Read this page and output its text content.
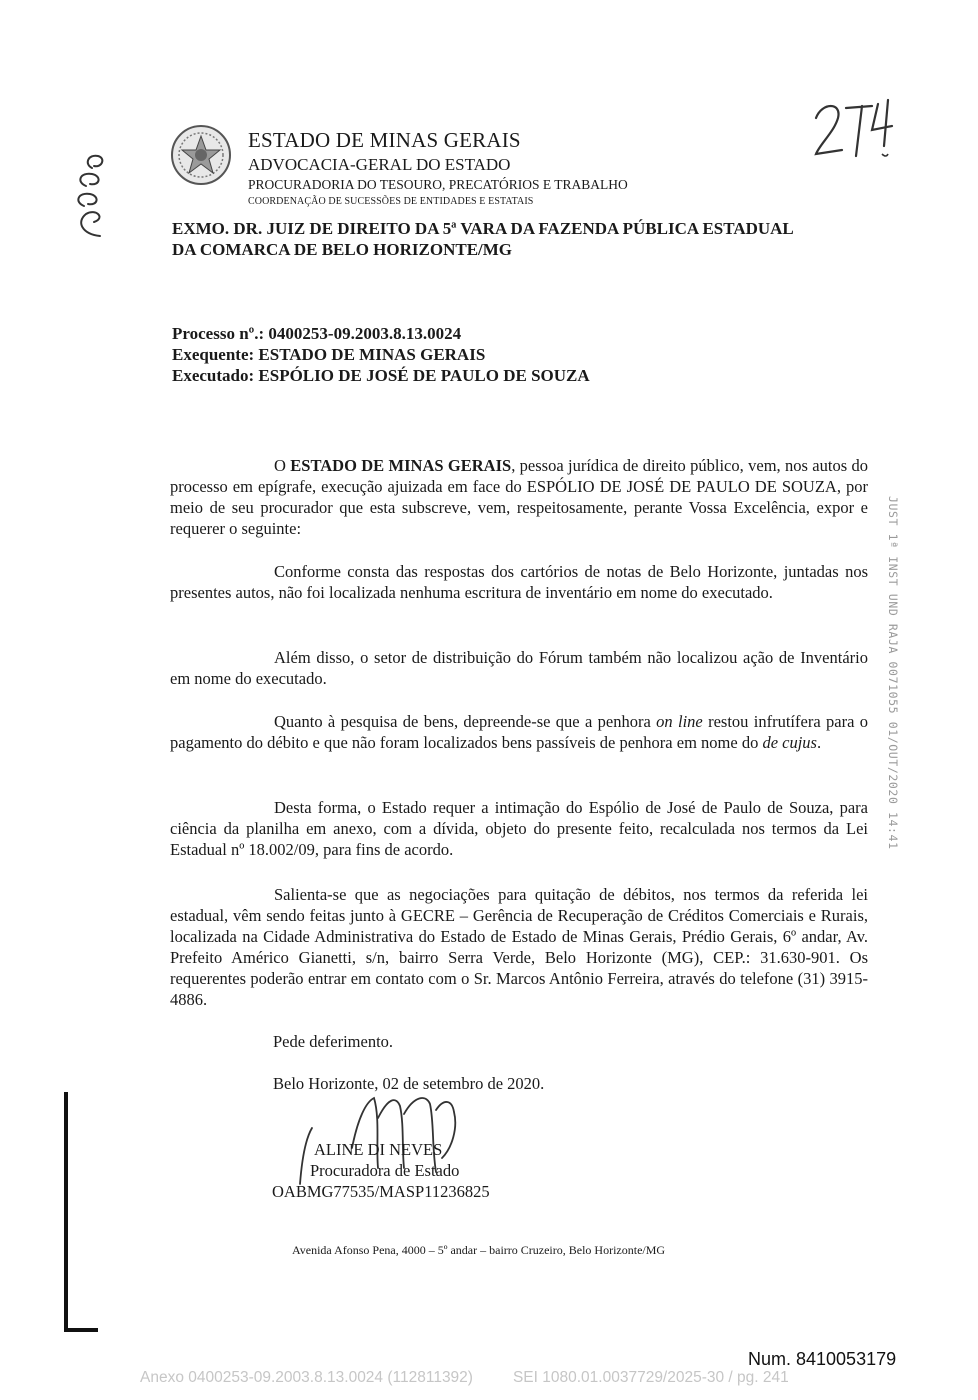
ESTADO DE MINAS GERAIS
ADVOCACIA-GERAL DO ESTADO
PROCURADORIA DO TESOURO, PRECATÓRIOS E TRABALHO
COORDENAÇÃO DE SUCESSÕES DE ENTIDADES E ESTATAIS
EXMO. DR. JUIZ DE DIREITO DA 5ª VARA DA FAZENDA PÚBLICA ESTADUAL
DA COMARCA DE BELO HORIZONTE/MG
Processo nº.: 0400253-09.2003.8.13.0024
Exequente: ESTADO DE MINAS GERAIS
Executado: ESPÓLIO DE JOSÉ DE PAULO DE SOUZA

O ESTADO DE MINAS GERAIS, pessoa jurídica de direito público, vem, nos autos do processo em epígrafe, execução ajuizada em face do ESPÓLIO DE JOSÉ DE PAULO DE SOUZA, por meio de seu procurador que esta subscreve, vem, respeitosamente, perante Vossa Excelência, expor e requerer o seguinte:

Conforme consta das respostas dos cartórios de notas de Belo Horizonte, juntadas nos presentes autos, não foi localizada nenhuma escritura de inventário em nome do executado.

Além disso, o setor de distribuição do Fórum também não localizou ação de Inventário em nome do executado.

Quanto à pesquisa de bens, depreende-se que a penhora on line restou infrutífera para o pagamento do débito e que não foram localizados bens passíveis de penhora em nome do de cujus.

Desta forma, o Estado requer a intimação do Espólio de José de Paulo de Souza, para ciência da planilha em anexo, com a dívida, objeto do presente feito, recalculada nos termos da Lei Estadual nº 18.002/09, para fins de acordo.

Salienta-se que as negociações para quitação de débitos, nos termos da referida lei estadual, vêm sendo feitas junto à GECRE – Gerência de Recuperação de Créditos Comerciais e Rurais, localizada na Cidade Administrativa do Estado de Estado de Minas Gerais, Prédio Gerais, 6º andar, Av. Prefeito Américo Gianetti, s/n, bairro Serra Verde, Belo Horizonte (MG), CEP.: 31.630-901. Os requerentes poderão entrar em contato com o Sr. Marcos Antônio Ferreira, através do telefone (31) 3915-4886.

Pede deferimento.
Belo Horizonte, 02 de setembro de 2020.
ALINE DI NEVES
Procuradora de Estado
OABMG77535/MASP11236825
Avenida Afonso Pena, 4000 – 5º andar – bairro Cruzeiro, Belo Horizonte/MG
JUST 1ª INST UND RAJA 0071055 01/OUT/2020 14:41
Num. 8410053179
Anexo 0400253-09.2003.8.13.0024 (112811392)	SEI 1080.01.0037729/2025-30 / pg. 241
